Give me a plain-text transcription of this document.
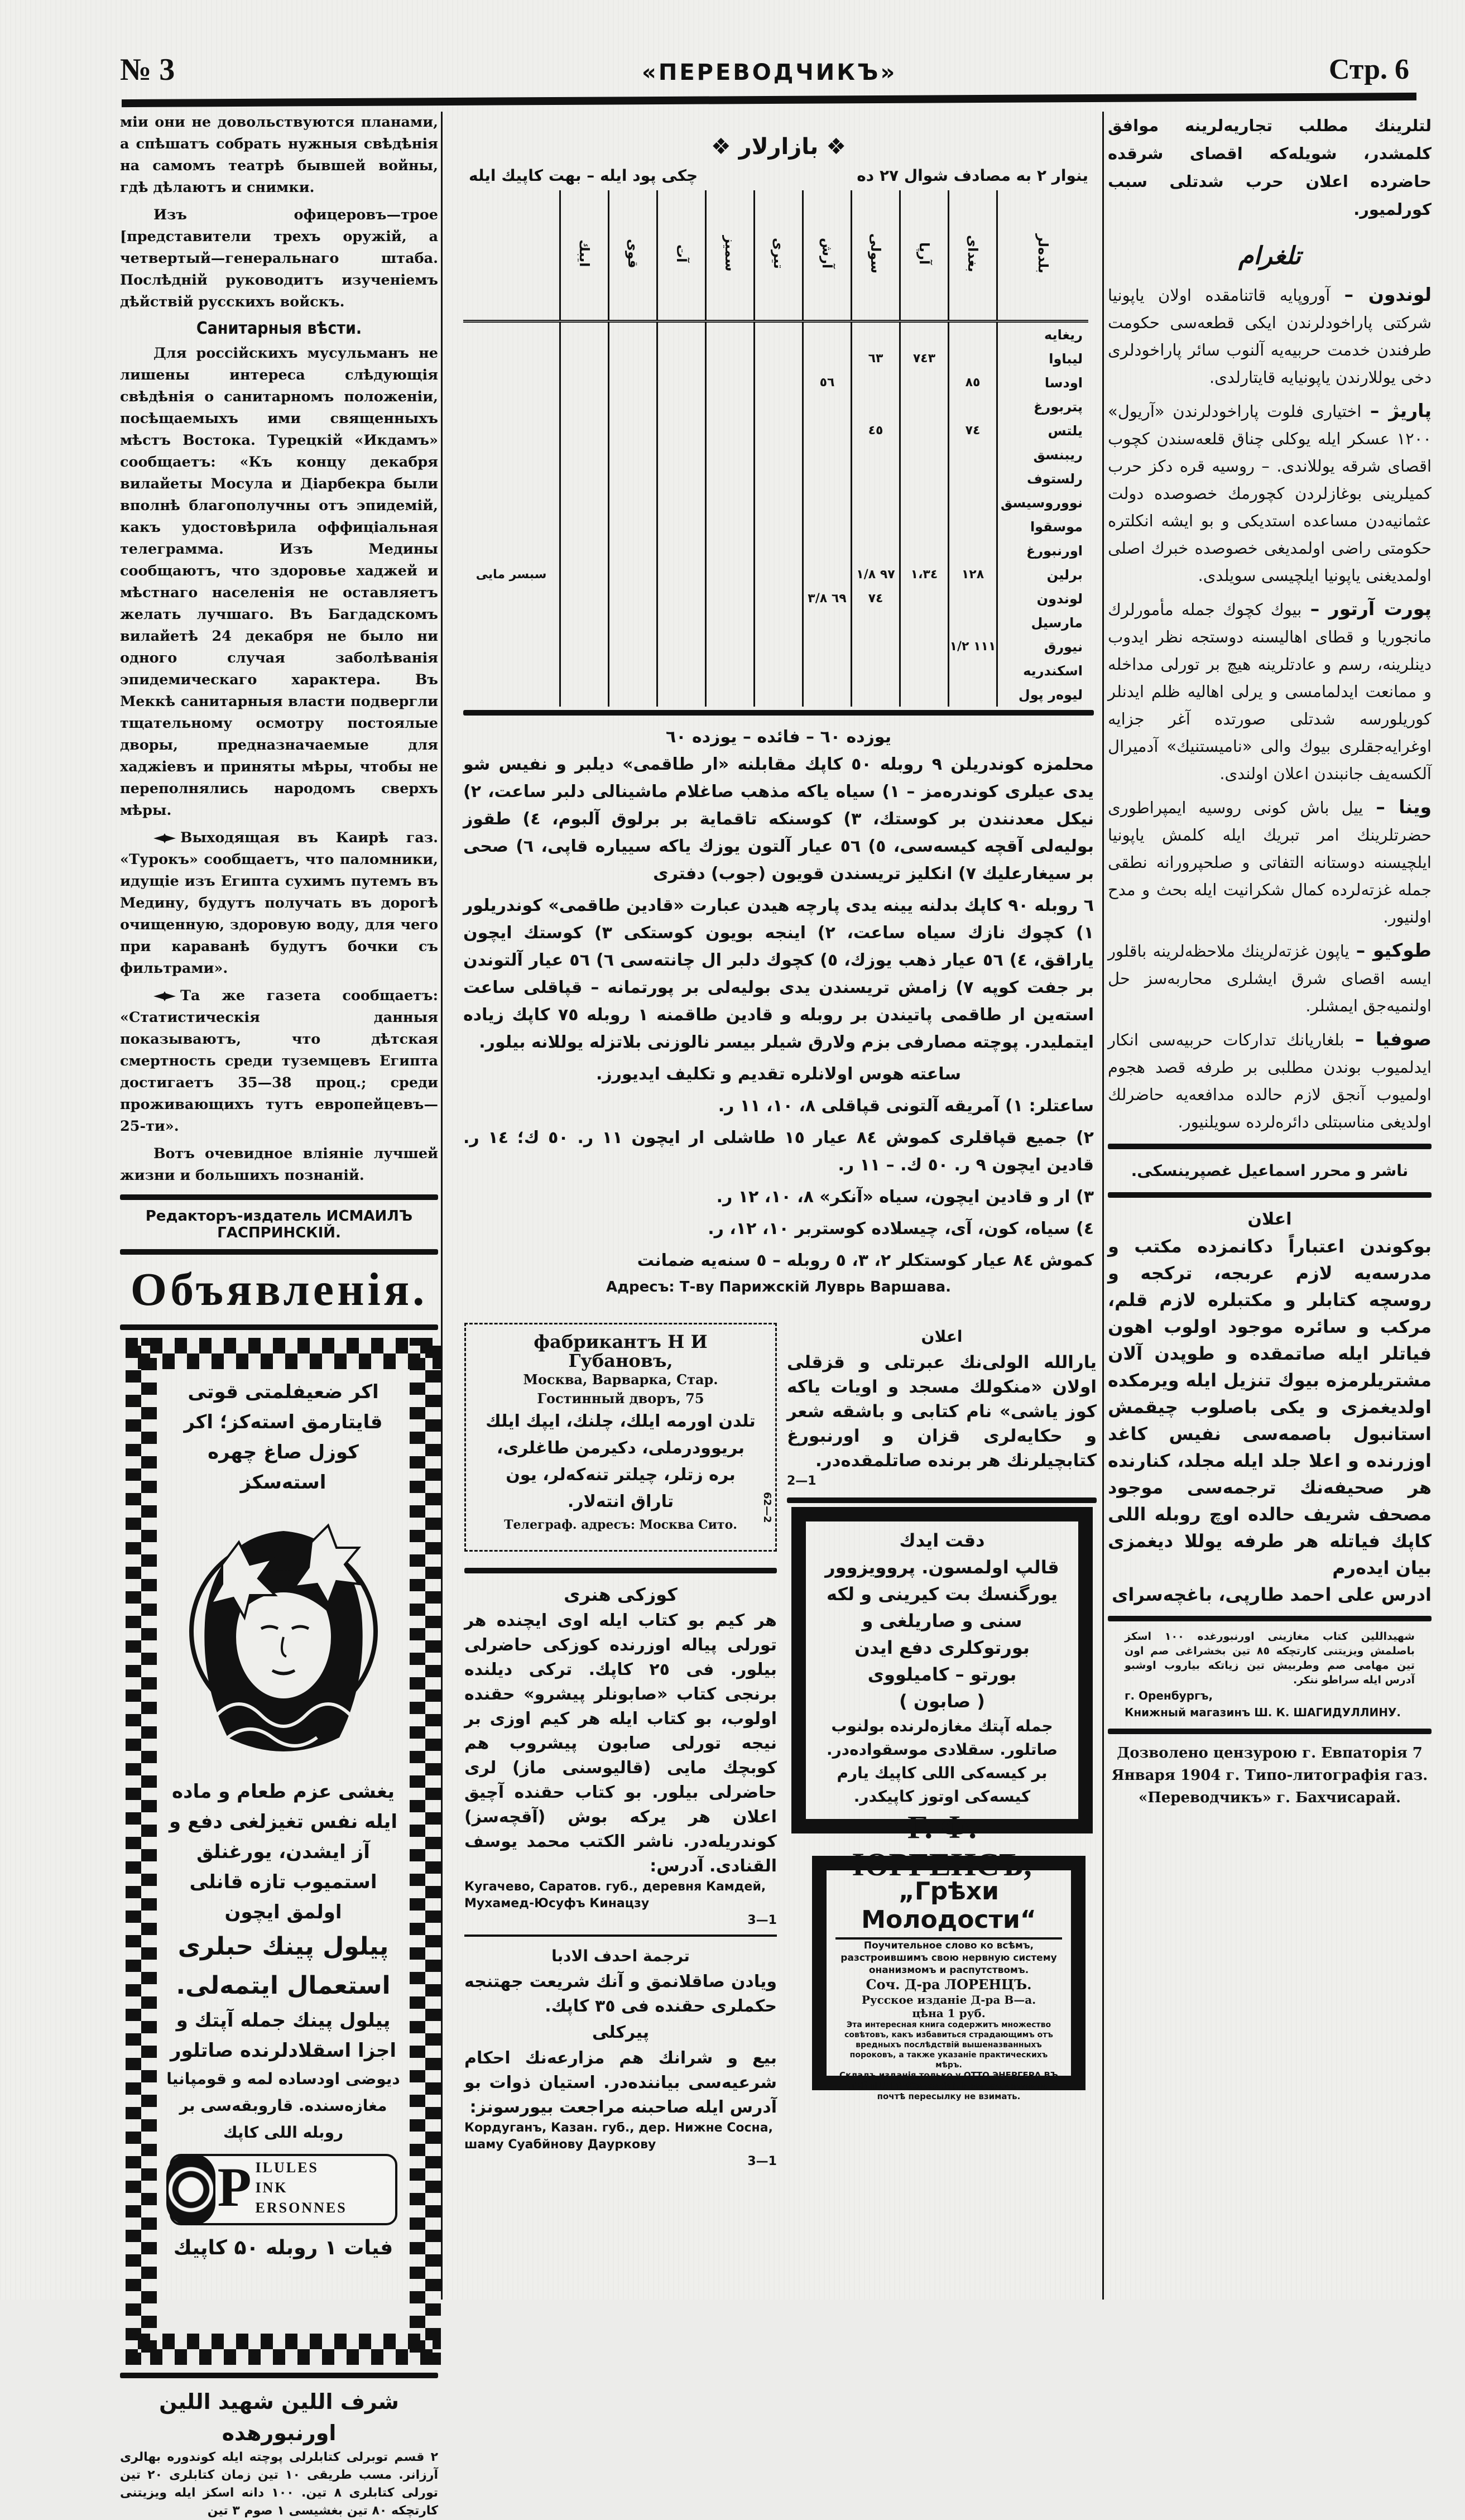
№ 3	«ПЕРЕВОДЧИКЪ»	Стр. 6

міи они не довольствуются планами, а спѣшатъ собрать нужныя свѣдѣнія на самомъ театрѣ бывшей войны, гдѣ дѣлаютъ и снимки.

Изъ офицеровъ—трое [представители трехъ оружій, а четвертый—генеральнаго штаба. Послѣдній руководитъ изученіемъ дѣйствій русскихъ войскъ.

Санитарныя вѣсти.

Для россійскихъ мусульманъ не лишены интереса слѣдующія свѣдѣнія о санитарномъ положеніи, посѣщаемыхъ ими священныхъ мѣстъ Востока. Турецкій «Икдамъ» сообщаетъ: «Къ концу декабря вилайеты Мосула и Діарбекра были вполнѣ благополучны отъ эпидемій, какъ удостовѣрила оффиціальная телеграмма. Изъ Медины сообщаютъ, что здоровье хаджей и мѣстнаго населенія не оставляетъ желать лучшаго. Въ Багдадскомъ вилайетѣ 24 декабря не было ни одного случая заболѣванія эпидемическаго характера. Въ Меккѣ санитарныя власти подвергли тщательному осмотру постоялые дворы, предназначаемые для хаджіевъ и приняты мѣры, чтобы не переполнялись народомъ сверхъ мѣры.

Выходящая въ Каирѣ газ. «Турокъ» сообщаетъ, что паломники, идущіе изъ Египта сухимъ путемъ въ Медину, будутъ получать въ дорогѣ очищенную, здоровую воду, для чего при караванѣ будутъ бочки съ фильтрами».

Та же газета сообщаетъ: «Статистическія данныя показываютъ, что дѣтская смертность среди туземцевъ Египта достигаетъ 35—38 проц.; среди проживающихъ тутъ европейцевъ—25-ти».

Вотъ очевидное вліяніе лучшей жизни и большихъ познаній.

Редакторъ-издатель ИСМАИЛЪ ГАСПРИНСКІЙ.
Объявленія.
اكر ضعيفلمتى قوتى قايتارمق استه‌كز؛ اكر كوزل صاغ چهره استه‌سكز
يغشى عزم طعام و ماده ايله نفس تغيزلغى دفع و آز ايشدن، يورغنلق استميوب تازه قانلى اولمق ايچون
پيلول پينك حبلرى استعمال ايتمه‌لى.
پيلول پينك جمله آپتك و اجزا اسقلادلرنده صاتلور
ديوضى اودساده لمه و قومپانيا مغازه‌سنده. قاروبقه‌سى بر روبله اللى كاپك
P ILULES
INK
ERSONNES
فيات ۱ روبله ۵۰ كاپيك
شرف اللين شهيد اللين اورنبورهده
۲ قسم توبرلى كتابلرلى پوچته ايله كوندوره بهالرى آرزانر. مسب طريقى ١٠ تين زمان كتابلرى ٢٠ تين تورلى كتابلرى ٨ تين. ١٠٠ دانه اسكز ايله ويزيتنى كارتچكه ٨٠ تين بغشيسى ١ صوم ٣ تين
❖ بازارلار ❖
ينوار ٢ به مصادف شوال ٢٧ ده
چكى پود ايله – بهت كاپيك ايله
بلده‌لر	بغداى	آرپا	سولى	آرش	تيرى	سميز	آت	قوى	ايبك	
ريغايه										
ليباوا		٧٤٣	٦٣							
اودسا	٨٥			٥٦						
پتربورغ										
يلتس	٧٤		٤٥							
ريبنسق										
رلستوف										
نووروسيسق										
موسقوا										
اورنبورغ										
برلين	١٢٨	١،٣٤	٩٧ ١/٨							سبسر مايى
لوندون			٧٤	٦٩ ٣/٨						
مارسيل										
نيورق	١١١ ١/٢									
اسكندريه										
ليوه‌ر پول										
يوزده ٦٠ – فائده – يوزده ٦٠

محلمزه كوندريلن ٩ روبله ٥٠ كاپك مقابلنه «ار طاقمى» ديلبر و نفيس شو يدى عيلرى كوندره‌مز – ١) سياه ياكه مذهب صاغلام ماشينالى دلبر ساعت، ٢) نيكل معدنندن بر كوستك، ٣) كوسنكه تاقماية بر برلوق آلبوم، ٤) طقوز بوليه‌لى آقچه كيسه‌سى، ٥) ٥٦ عيار آلتون يوزك ياكه سيياره قاپى، ٦) صحى بر سيغارعليك ٧) انكليز تريسندن قويون (جوب) دفترى

٦ روبله ٩٠ كاپك بدلنه يينه يدى پارچه هيدن عبارت «قادين طاقمى» كوندريلور ١) كچوك نازك سياه ساعت، ٢) اينجه بويون كوستكى ٣) كوستك ايچون ياراقق، ٤) ٥٦ عيار ذهب يوزك، ٥) كچوك دلبر ال چانته‌سى ٦) ٥٦ عيار آلتوندن بر جفت كوپه ٧) زامش تريسندن يدى بوليه‌لى بر پورتمانه – قپاقلى ساعت استه‌ين ار طاقمى پاتيندن بر روبله و قادين طاقمنه ١ روبله ٧٥ كاپك زياده ايتمليدر. پوچته مصارفى بزم ولارق شيلر بيسر نالوزنى بلا‌تزله يوللانه بيلور.

ساعته هوس اولانلره تقديم و تكليف ايديورز.

ساعتلر: ١) آمريقه آلتونى قپاقلى ٨، ١٠، ١١ ر.

٢) جميع قپاقلرى كموش ٨٤ عيار ١٥ طاشلى ار ايچون ١١ ر. ٥٠ ك؛ ١٤ ر. قادين ايچون ٩ ر. ٥٠ ك. – ١١ ر.

٣) ار و قادين ايچون، سياه «آنكر» ٨، ١٠، ١٢ ر.

٤) سياه، كون، آى، چيسلاده كوستربر ١٠، ١٢، ر.

كموش ٨٤ عيار كوستكلر ٢، ٣، ٥ روبله – ٥ سنه‌يه ضمانت

Адресъ: Т-ву Парижскій Луврь Варшава.
фабрикантъ Н И Губановъ,
Москва, Варварка, Стар. Гостинный дворъ, 75
تلدن اورمه ايلك، چلنك، ايپك ايلك بريوودرملى، دكيرمن طاغلرى، بره زتلر، چيلتر تنه‌كه‌لر، يون تاراق انته‌لار.
Телеграф. адресъ: Москва Сито.
62—2
كوزكى هنرى
هر كيم بو كتاب ايله اوى ايچنده هر تورلى پياله اوزرنده كوزكى حاضرلى بيلور. فى ٢٥ كاپك. تركى ديلنده برنجى كتاب «صابونلر پيشرو» حقنده اولوب، بو كتاب ايله هر كيم اوزى بر نيجه تورلى صابون پيشروب هم كوبچك مايى (قاليوسنى ماز) لرى حاضرلى بيلور. بو كتاب حقنده آچيق اعلان هر يركه بوش (آقچه‌سز) كوندريله‌در. ناشر الكتب محمد يوسف القنادى. آدرس:
Кугачево, Саратов. губ., деревня Камдей, Мухамед-Юсуфъ Кинацзу
3—1
ترجمة احدف الادبا
ويادن صاقلانمق و آنك شريعت جهتنجه حكملرى حقنده فى ٣٥ كاپك.
پيركلى
بيع و شرانك هم مزارعه‌نك احكام شرعيه‌سى بياننده‌در. استيان ذوات بو آدرس ايله صاحبنه مراجعت بيورسونز:
Кордуганъ, Казан. губ., дер. Нижне Сосна, шаму Суабйнову Дауркову
3—1
اعلان
يارالله الولى‌نك عبرتلى و قزقلى اولان «منكولك مسجد و اويات ياكه كوز ياشى» نام كتابى و باشقه شعر و حكايه‌لرى قزان و اورنبورغ كتابچيلرنك هر برنده صاتلمقده‌در.
2—1
دقت ايدك
قالپ اولمسون. پروويزوور يورگنسك بت كيرينى و لكه سنى و صاريلغى و بورتوكلرى دفع ايدن
بورتو – كاميلووى
( صابون )
جمله آپتك مغازه‌لرنده بولنوب صاتلور. سقلادى موسقواده‌در. بر كيسه‌كى اللى كاپيك يارم كيسه‌كى اوتوز كاپيكدر.
Г. Ф. ЮРГЕНСЪ,
„Грѣхи Молодости“
Поучительное слово ко всѣмъ, разстроившимъ свою нервную систему онанизмомъ и распутствомъ.
Соч. Д-ра ЛОРЕНЦЪ.
Русское изданіе Д-ра В—а.
цѣна 1 руб.
Эта интересная книга содержитъ множество совѣтовъ, какъ избавиться страдающимъ отъ вредныхъ послѣдствій вышеназванныхъ пороковъ, а также указаніе практическихъ мѣръ.
Складъ изданія только у ОТТО ЭНЕРГЕРА ВЪ ЛЕЙПЦИГѢ (Саксонія). Иногороднимъ по почтѣ пересылку не взимать.
لتلرينك مطلب تجاريه‌لرينه موافق كلمشدر، شويله‌كه اقصاى شرقده حاضرده اعلان حرب شدتلى سبب كورلميور.
تلغرام
لوندون – آوروپايه قاتنامقده اولان ياپونيا شركتى پاراخودلرندن ايكى قطعه‌سى حكومت طرفندن خدمت حربيه‌يه آلنوب سائر پاراخودلرى دخى يوللارندن ياپونيايه قايتارلدى.
پاريژ – اختيارى فلوت پاراخودلرندن «آريول» ١٢٠٠ عسكر ايله يوكلى چناق قلعه‌سندن كچوب اقصاى شرقه يوللاندى. – روسيه قره دكز حرب كميلرينى بوغازلردن كچورمك خصوصده دولت عثمانيه‌دن مساعده استديكى و بو ايشه انكلتره حكومتى راضى اولمديغى خصوصده خبرك اصلى اولمديغنى ياپونيا ايلچيسى سويلدى.
پورت آرتور – بيوك كچوك جمله مأمورلرك مانجوريا و قطاى اهاليسنه دوستجه نظر ايدوب دينلرينه، رسم و عادتلرينه هيچ بر تورلى مداخله و ممانعت ايدلمامسى و يرلى اهاليه ظلم ايدنلر كوريلورسه شدتلى صورتده آغر جزايه اوغرايه‌جقلرى بيوك والى «ناميستنيك» آدميرال آلكسه‌يف جانبندن اعلان اولندى.
وينا – ييل باش كونى روسيه ايمپراطورى حضرتلرينك امر تبريك ايله كلمش ياپونيا ايلچيسنه دوستانه التفاتى و صلحپرورانه نطقى جمله غزته‌لرده كمال شكرانيت ايله بحث و مدح اولنيور.
طوكيو – ياپون غزته‌لرينك ملاحظه‌لرينه باقلور ايسه اقصاى شرق ايشلرى محاربه‌سز حل اولنميه‌جق ايمشلر.
صوفيا – بلغاريانك تداركات حربيه‌سى انكار ايدلميوب بوندن مطلبى بر طرفه قصد هجوم اولميوب آنجق لازم حالده مدافعه‌يه حاضرلك اولديغى مناسبتلى دائره‌لرده سويلنيور.
ناشر و محرر اسماعيل غصپرينسكى.
اعلان
بوكوندن اعتباراً دكانمزده مكتب و مدرسه‌يه لازم عربجه، تركجه و روسچه كتابلر و مكتبلره لازم قلم، مركب و سائره موجود اولوب اهون فياتلر ايله صاتمقده و طوپدن آلان مشتريلرمزه بيوك تنزيل ايله ويرمكده اولديغمزى و يكى باصلوب چيقمش استانبول باصمه‌سى نفيس كاغد اوزرنده و اعلا جلد ايله مجلد، كنارنده هر صحيفه‌نك ترجمه‌سى موجود مصحف شريف حالده اوچ روبله اللى كاپك فياتله هر طرفه يوللا ديغمزى بيان ايده‌رم
ادرس على احمد طارپى، باغچه‌سراى
شهيداللين كتاب مغازينى اورنبورغده ١٠٠ اسكز باصلمش ويزيتنى كارتچكه ٨٥ تين بخشراغى صم اون تين مهامى صم وطربيش تين زياتكه بياروب اوشبو آدرس ايله سراطو ننكر.
г. Оренбургъ,
Книжный магазинъ Ш. К. ШАГИДУЛЛИНУ.
Дозволено цензурою г. Евпаторія 7 Января 1904 г. Типо-литографія газ. «Переводчикъ» г. Бахчисарай.
